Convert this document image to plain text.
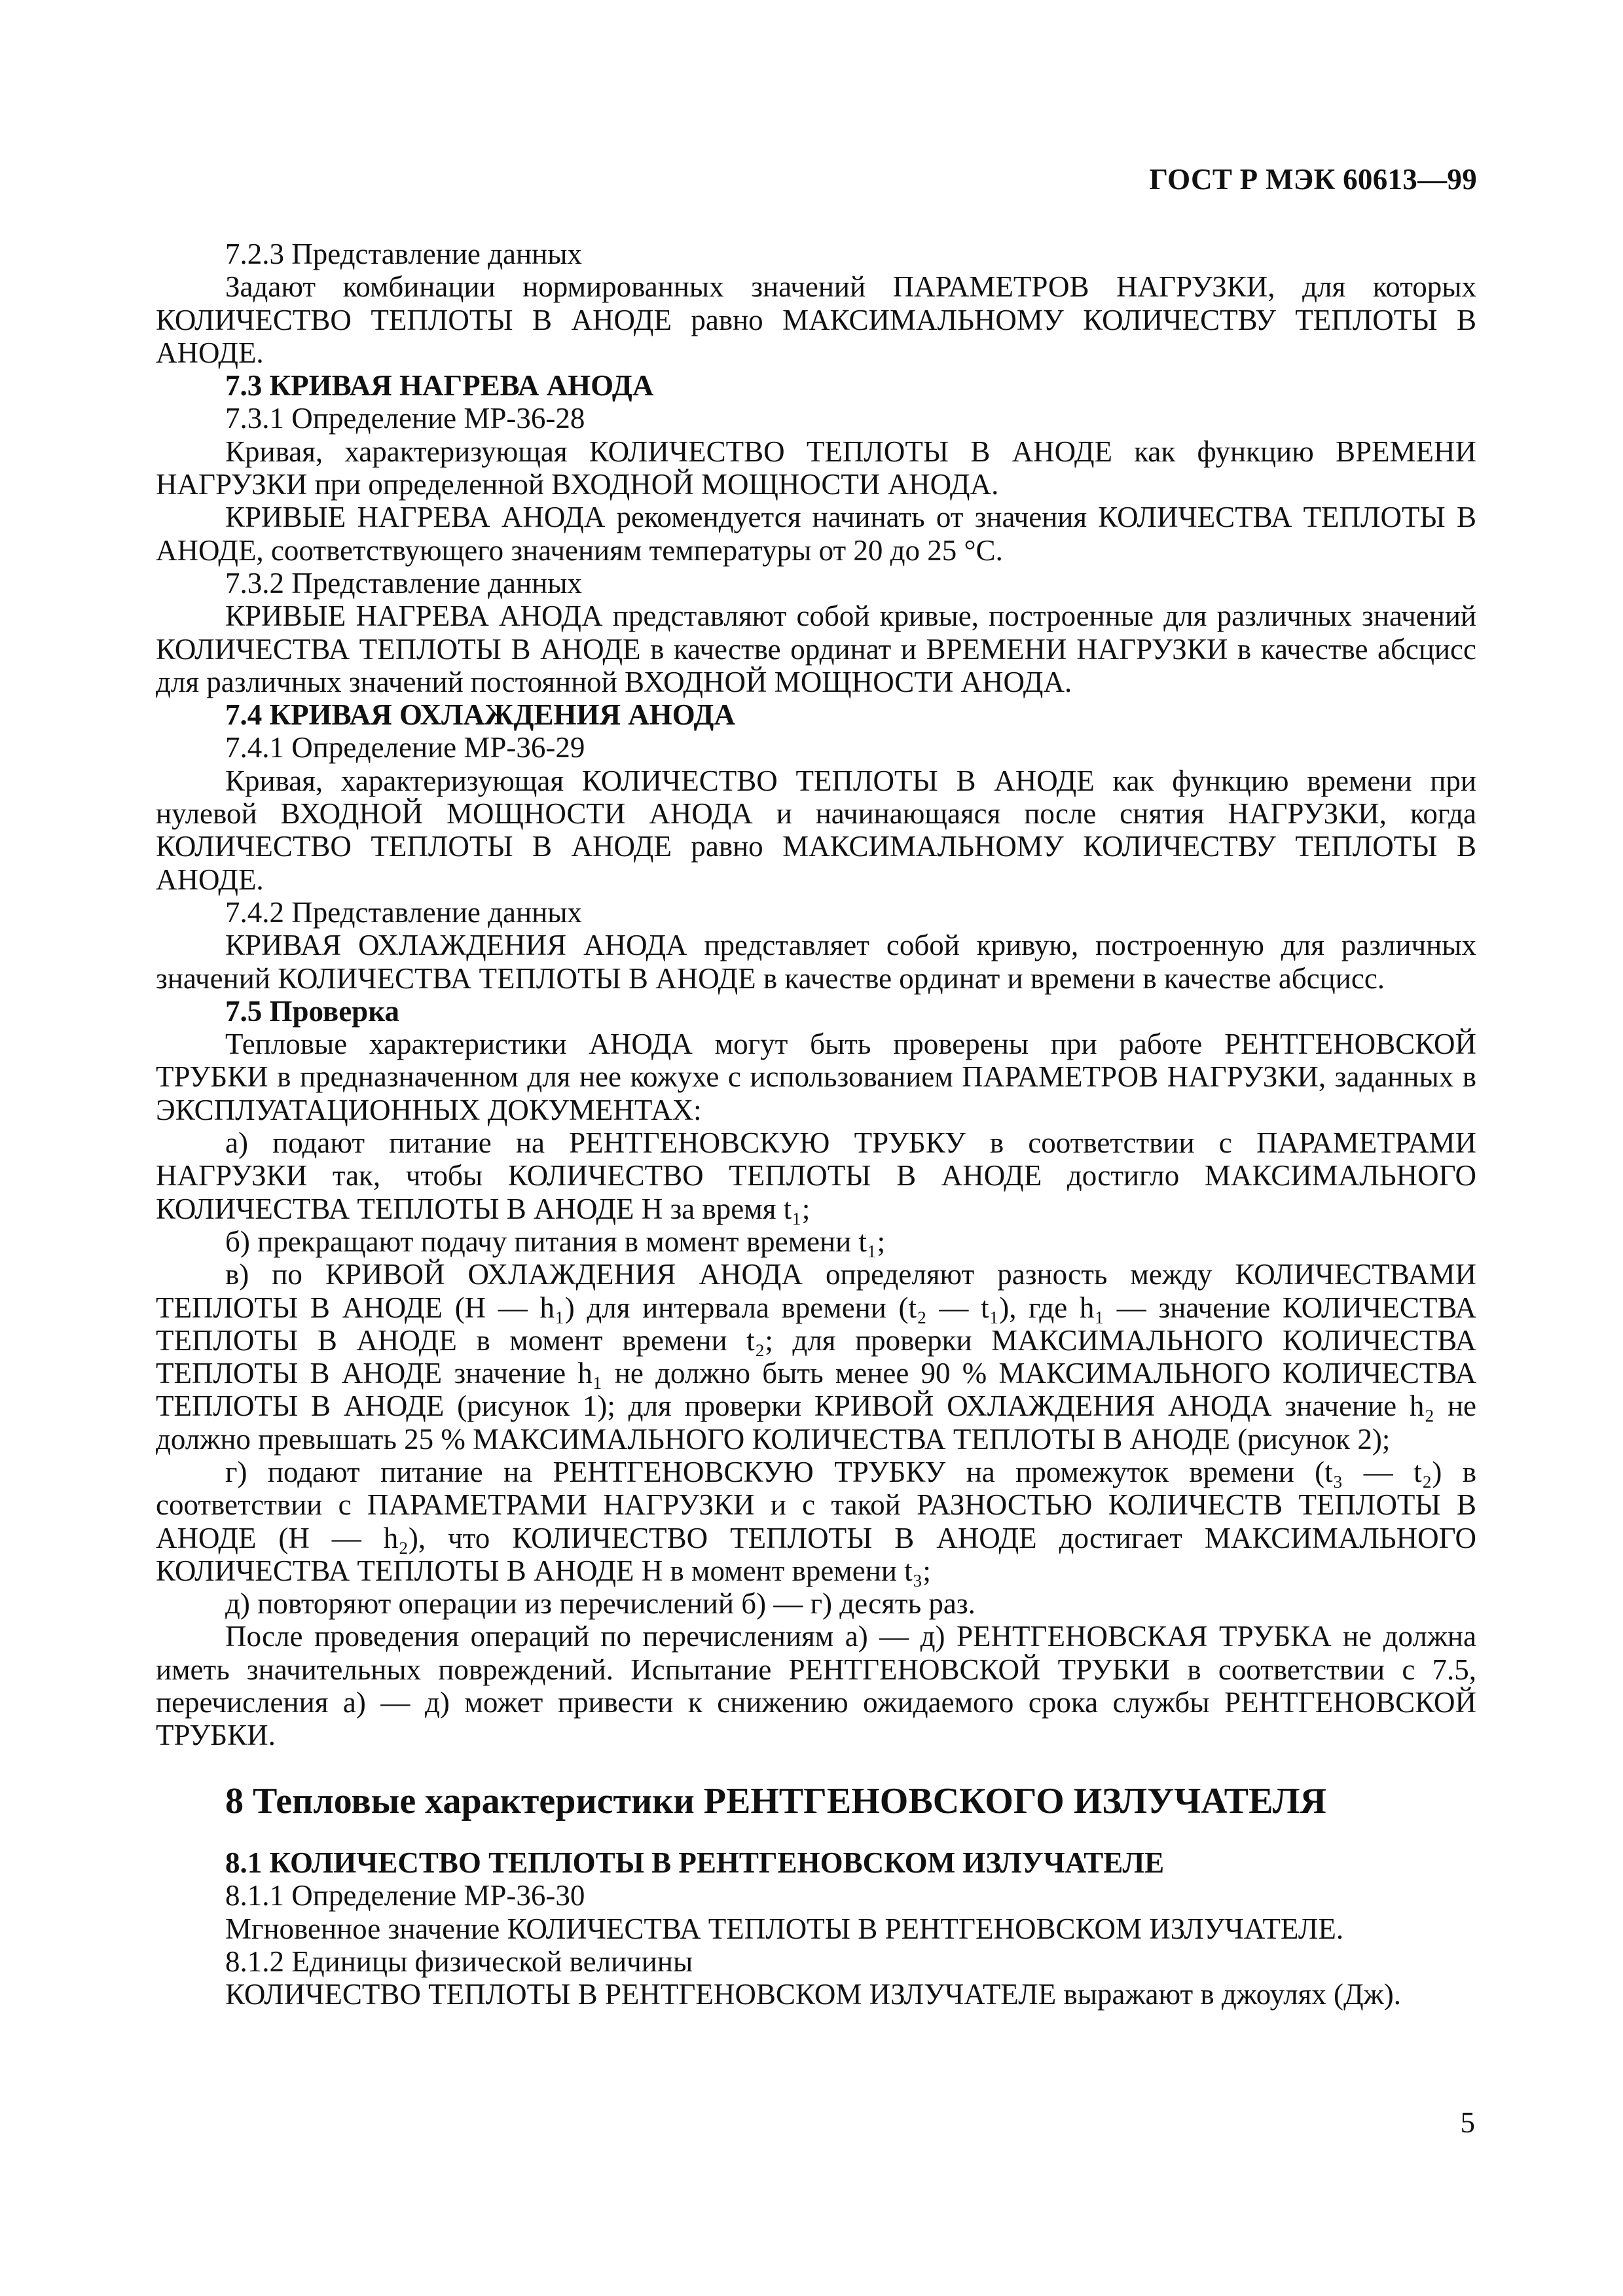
ГОСТ Р МЭК 60613—99

7.2.3 Представление данных

Задают комбинации нормированных значений ПАРАМЕТРОВ НАГРУЗКИ, для которых КОЛИЧЕСТВО ТЕПЛОТЫ В АНОДЕ равно МАКСИМАЛЬНОМУ КОЛИЧЕСТВУ ТЕПЛОТЫ В АНОДЕ.

7.3 КРИВАЯ НАГРЕВА АНОДА

7.3.1 Определение МР-36-28

Кривая, характеризующая КОЛИЧЕСТВО ТЕПЛОТЫ В АНОДЕ как функцию ВРЕМЕНИ НАГРУЗКИ при определенной ВХОДНОЙ МОЩНОСТИ АНОДА.

КРИВЫЕ НАГРЕВА АНОДА рекомендуется начинать от значения КОЛИЧЕСТВА ТЕПЛОТЫ В АНОДЕ, соответствующего значениям температуры от 20 до 25 °С.

7.3.2 Представление данных

КРИВЫЕ НАГРЕВА АНОДА представляют собой кривые, построенные для различных значений КОЛИЧЕСТВА ТЕПЛОТЫ В АНОДЕ в качестве ординат и ВРЕМЕНИ НАГРУЗКИ в качестве абсцисс для различных значений постоянной ВХОДНОЙ МОЩНОСТИ АНОДА.

7.4 КРИВАЯ ОХЛАЖДЕНИЯ АНОДА

7.4.1 Определение МР-36-29

Кривая, характеризующая КОЛИЧЕСТВО ТЕПЛОТЫ В АНОДЕ как функцию времени при нулевой ВХОДНОЙ МОЩНОСТИ АНОДА и начинающаяся после снятия НАГРУЗКИ, когда КОЛИЧЕСТВО ТЕПЛОТЫ В АНОДЕ равно МАКСИМАЛЬНОМУ КОЛИЧЕСТВУ ТЕПЛОТЫ В АНОДЕ.

7.4.2 Представление данных

КРИВАЯ ОХЛАЖДЕНИЯ АНОДА представляет собой кривую, построенную для различных значений КОЛИЧЕСТВА ТЕПЛОТЫ В АНОДЕ в качестве ординат и времени в качестве абсцисс.

7.5 Проверка

Тепловые характеристики АНОДА могут быть проверены при работе РЕНТГЕНОВСКОЙ ТРУБКИ в предназначенном для нее кожухе с использованием ПАРАМЕТРОВ НАГРУЗКИ, заданных в ЭКСПЛУАТАЦИОННЫХ ДОКУМЕНТАХ:

а) подают питание на РЕНТГЕНОВСКУЮ ТРУБКУ в соответствии с ПАРАМЕТРАМИ НАГРУЗКИ так, чтобы КОЛИЧЕСТВО ТЕПЛОТЫ В АНОДЕ достигло МАКСИМАЛЬНОГО КОЛИЧЕСТВА ТЕПЛОТЫ В АНОДЕ H за время t₁;

б) прекращают подачу питания в момент времени t₁;

в) по КРИВОЙ ОХЛАЖДЕНИЯ АНОДА определяют разность между КОЛИЧЕСТВАМИ ТЕПЛОТЫ В АНОДЕ (H — h₁) для интервала времени (t₂ — t₁), где h₁ — значение КОЛИЧЕСТВА ТЕПЛОТЫ В АНОДЕ в момент времени t₂; для проверки МАКСИМАЛЬНОГО КОЛИЧЕСТВА ТЕПЛОТЫ В АНОДЕ значение h₁ не должно быть менее 90 % МАКСИМАЛЬНОГО КОЛИЧЕСТВА ТЕПЛОТЫ В АНОДЕ (рисунок 1); для проверки КРИВОЙ ОХЛАЖДЕНИЯ АНОДА значение h₂ не должно превышать 25 % МАКСИМАЛЬНОГО КОЛИЧЕСТВА ТЕПЛОТЫ В АНОДЕ (рисунок 2);

г) подают питание на РЕНТГЕНОВСКУЮ ТРУБКУ на промежуток времени (t₃ — t₂) в соответствии с ПАРАМЕТРАМИ НАГРУЗКИ и с такой РАЗНОСТЬЮ КОЛИЧЕСТВ ТЕПЛОТЫ В АНОДЕ (H — h₂), что КОЛИЧЕСТВО ТЕПЛОТЫ В АНОДЕ достигает МАКСИМАЛЬНОГО КОЛИЧЕСТВА ТЕПЛОТЫ В АНОДЕ H в момент времени t₃;

д) повторяют операции из перечислений б) — г) десять раз.

После проведения операций по перечислениям а) — д) РЕНТГЕНОВСКАЯ ТРУБКА не должна иметь значительных повреждений. Испытание РЕНТГЕНОВСКОЙ ТРУБКИ в соответствии с 7.5, перечисления а) — д) может привести к снижению ожидаемого срока службы РЕНТГЕНОВСКОЙ ТРУБКИ.

8 Тепловые характеристики РЕНТГЕНОВСКОГО ИЗЛУЧАТЕЛЯ

8.1 КОЛИЧЕСТВО ТЕПЛОТЫ В РЕНТГЕНОВСКОМ ИЗЛУЧАТЕЛЕ

8.1.1 Определение МР-36-30

Мгновенное значение КОЛИЧЕСТВА ТЕПЛОТЫ В РЕНТГЕНОВСКОМ ИЗЛУЧАТЕЛЕ.

8.1.2 Единицы физической величины

КОЛИЧЕСТВО ТЕПЛОТЫ В РЕНТГЕНОВСКОМ ИЗЛУЧАТЕЛЕ выражают в джоулях (Дж).

5
